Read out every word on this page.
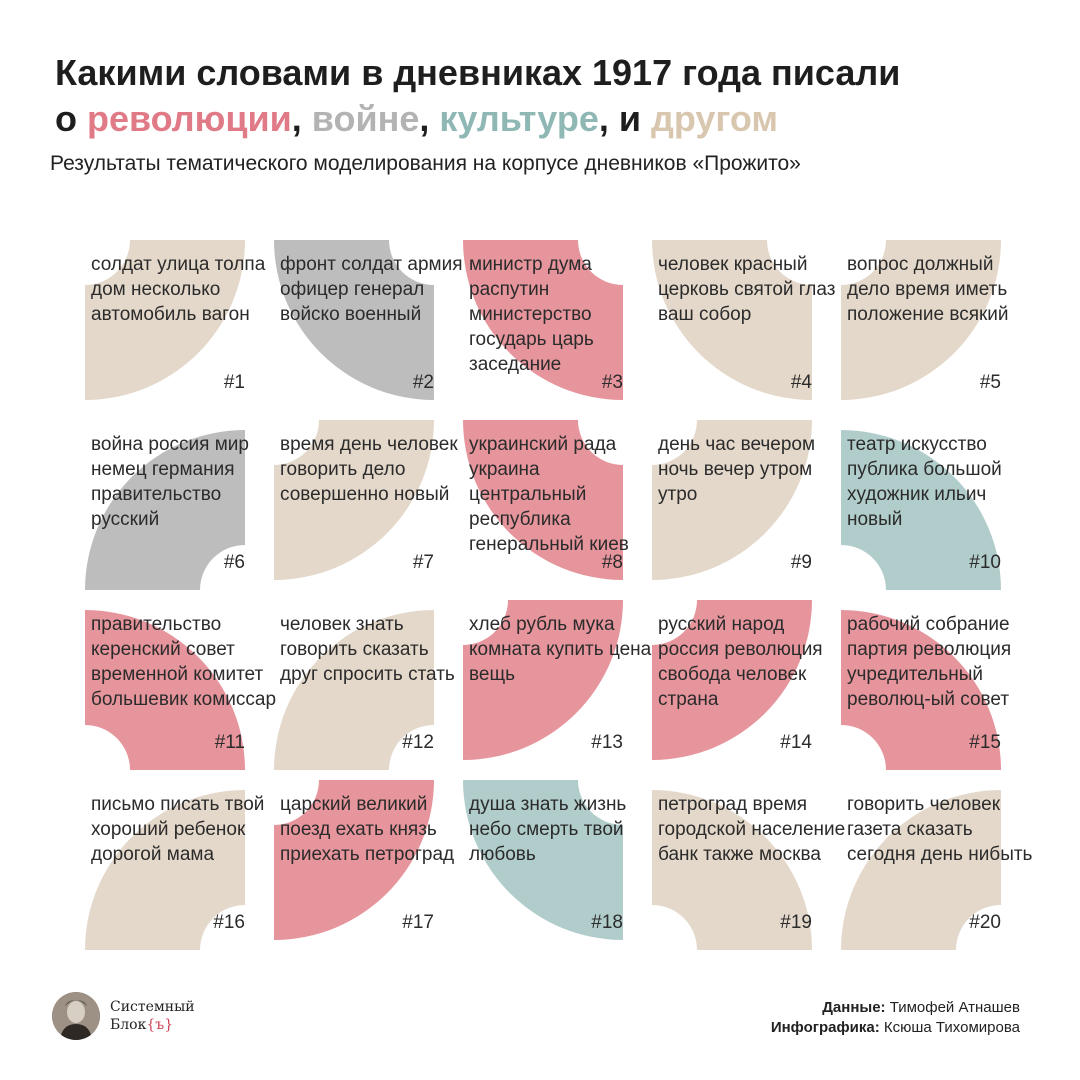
Какими словами в дневниках 1917 года писали
о революции, войне, культуре, и другом
Результаты тематического моделирования на корпусе дневников «Прожито»
солдат улица толпа дом несколько автомобиль вагон
#1
фронт солдат армия офицер генерал войско военный
#2
министр дума распутин министерство государь царь заседание
#3
человек красный церковь святой глаз ваш собор
#4
вопрос должный дело время иметь положение всякий
#5
война россия мир немец германия правительство русский
#6
время день человек говорить дело совершенно новый
#7
украинский рада украина центральный республика генеральный киев
#8
день час вечером ночь вечер утром утро
#9
театр искусство публика большой художник ильич новый
#10
правительство керенский совет временной комитет большевик комиссар
#11
человек знать говорить сказать друг спросить стать
#12
хлеб рубль мука комната купить цена вещь
#13
русский народ россия революция свобода человек страна
#14
рабочий собрание партия революция учредительный революц-ый совет
#15
письмо писать твой хороший ребенок дорогой мама
#16
царский великий поезд ехать князь приехать петроград
#17
душа знать жизнь небо смерть твой любовь
#18
петроград время городской население банк также москва
#19
говорить человек газета сказать сегодня день нибыть
#20
Системный
Блок{ъ}
Данные: Тимофей Атнашев
Инфографика: Ксюша Тихомирова
